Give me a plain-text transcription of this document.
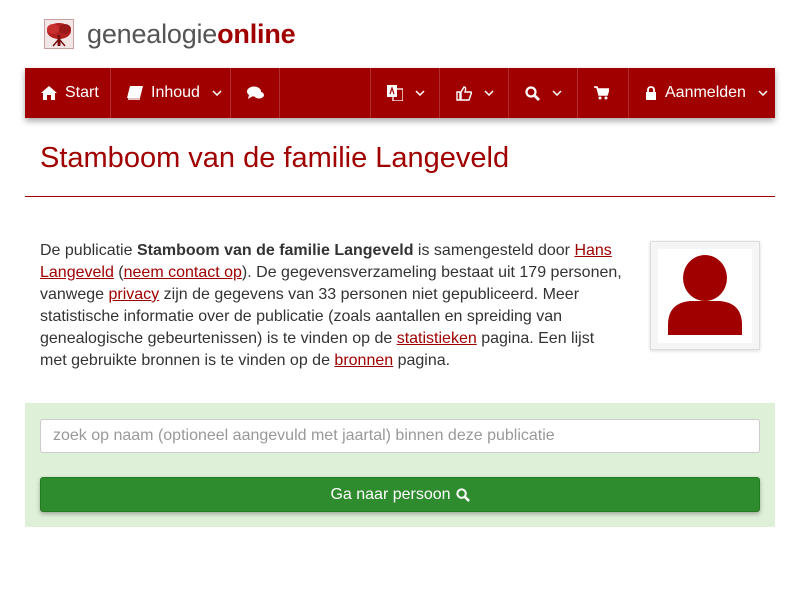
genealogieonline
Start	Inhoud	Aanmelden
Stamboom van de familie Langeveld

De publicatie Stamboom van de familie Langeveld is samengesteld door Hans Langeveld (neem contact op). De gegevensverzameling bestaat uit 179 personen, vanwege privacy zijn de gegevens van 33 personen niet gepubliceerd. Meer statistische informatie over de publicatie (zoals aantallen en spreiding van genealogische gebeurtenissen) is te vinden op de statistieken pagina. Een lijst met gebruikte bronnen is te vinden op de bronnen pagina.

zoek op naam (optioneel aangevuld met jaartal) binnen deze publicatie
Ga naar persoon
